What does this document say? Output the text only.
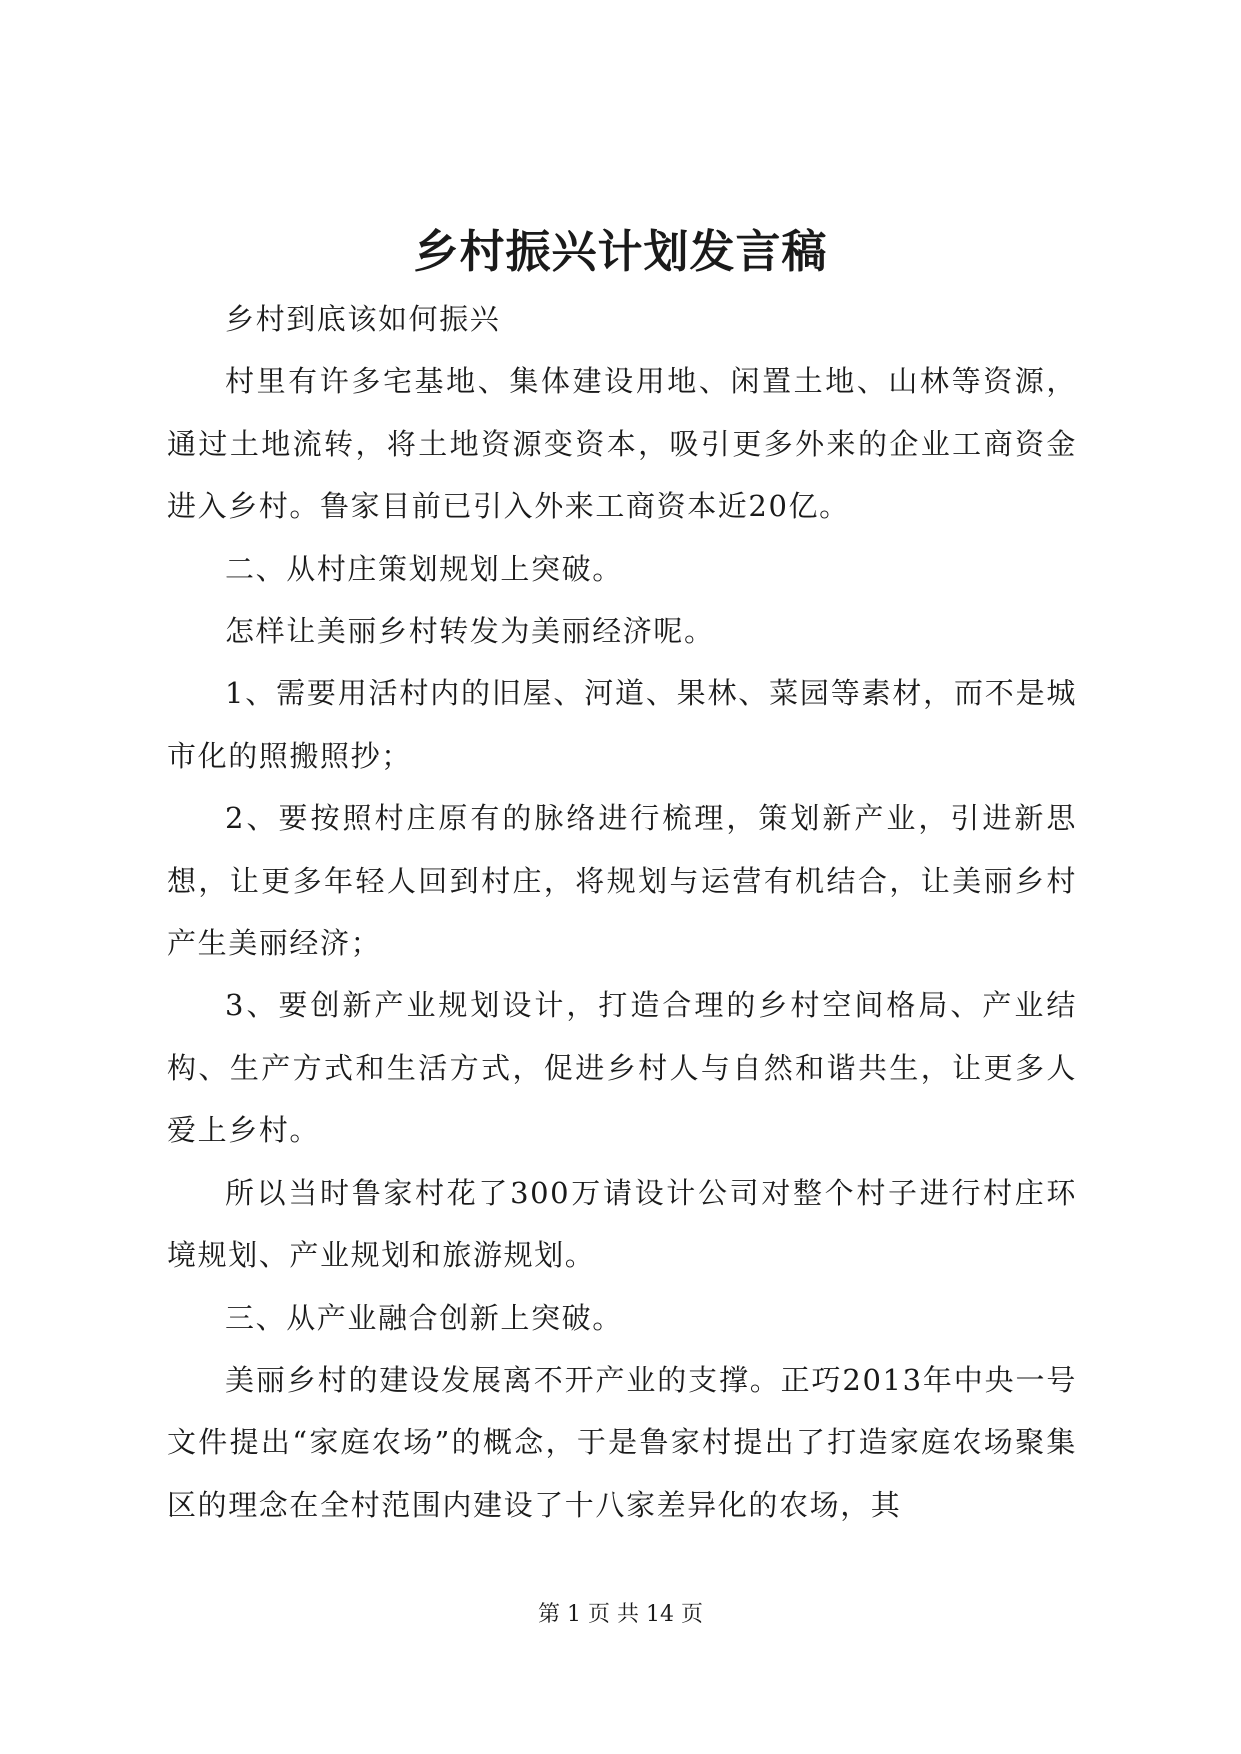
乡村振兴计划发言稿

乡村到底该如何振兴

村里有许多宅基地、集体建设用地、闲置土地、山林等资源，通过土地流转，将土地资源变资本，吸引更多外来的企业工商资金进入乡村。鲁家目前已引入外来工商资本近20亿。

二、从村庄策划规划上突破。

怎样让美丽乡村转发为美丽经济呢。

1、需要用活村内的旧屋、河道、果林、菜园等素材，而不是城市化的照搬照抄；

2、要按照村庄原有的脉络进行梳理，策划新产业，引进新思想，让更多年轻人回到村庄，将规划与运营有机结合，让美丽乡村产生美丽经济；

3、要创新产业规划设计，打造合理的乡村空间格局、产业结构、生产方式和生活方式，促进乡村人与自然和谐共生，让更多人爱上乡村。

所以当时鲁家村花了300万请设计公司对整个村子进行村庄环境规划、产业规划和旅游规划。

三、从产业融合创新上突破。

美丽乡村的建设发展离不开产业的支撑。正巧2013年中央一号文件提出“家庭农场”的概念，于是鲁家村提出了打造家庭农场聚集区的理念在全村范围内建设了十八家差异化的农场，其

第 1 页 共 14 页
